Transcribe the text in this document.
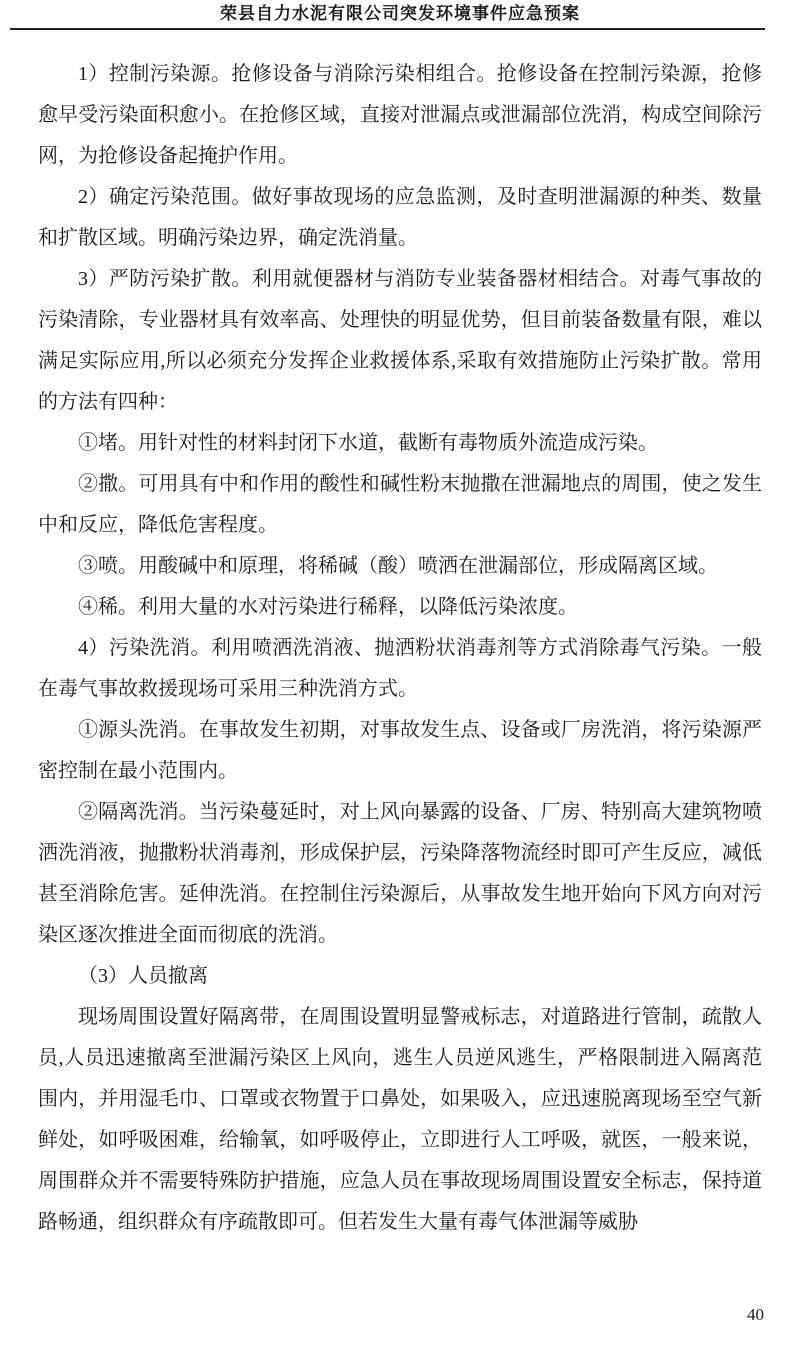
荣县自力水泥有限公司突发环境事件应急预案

1）控制污染源。抢修设备与消除污染相组合。抢修设备在控制污染源，抢修愈早受污染面积愈小。在抢修区域，直接对泄漏点或泄漏部位洗消，构成空间除污网，为抢修设备起掩护作用。

2）确定污染范围。做好事故现场的应急监测，及时查明泄漏源的种类、数量和扩散区域。明确污染边界，确定洗消量。

3）严防污染扩散。利用就便器材与消防专业装备器材相结合。对毒气事故的污染清除，专业器材具有效率高、处理快的明显优势，但目前装备数量有限，难以满足实际应用,所以必须充分发挥企业救援体系,采取有效措施防止污染扩散。常用的方法有四种：

①堵。用针对性的材料封闭下水道，截断有毒物质外流造成污染。

②撒。可用具有中和作用的酸性和碱性粉末抛撒在泄漏地点的周围，使之发生中和反应，降低危害程度。

③喷。用酸碱中和原理，将稀碱（酸）喷洒在泄漏部位，形成隔离区域。

④稀。利用大量的水对污染进行稀释，以降低污染浓度。

4）污染洗消。利用喷洒洗消液、抛洒粉状消毒剂等方式消除毒气污染。一般在毒气事故救援现场可采用三种洗消方式。

①源头洗消。在事故发生初期，对事故发生点、设备或厂房洗消，将污染源严密控制在最小范围内。

②隔离洗消。当污染蔓延时，对上风向暴露的设备、厂房、特别高大建筑物喷洒洗消液，抛撒粉状消毒剂，形成保护层，污染降落物流经时即可产生反应，减低甚至消除危害。延伸洗消。在控制住污染源后，从事故发生地开始向下风方向对污染区逐次推进全面而彻底的洗消。

（3）人员撤离

现场周围设置好隔离带，在周围设置明显警戒标志，对道路进行管制，疏散人员,人员迅速撤离至泄漏污染区上风向，逃生人员逆风逃生，严格限制进入隔离范围内，并用湿毛巾、口罩或衣物置于口鼻处，如果吸入，应迅速脱离现场至空气新鲜处，如呼吸困难，给输氧，如呼吸停止，立即进行人工呼吸，就医，一般来说，周围群众并不需要特殊防护措施，应急人员在事故现场周围设置安全标志，保持道路畅通，组织群众有序疏散即可。但若发生大量有毒气体泄漏等威胁

40
